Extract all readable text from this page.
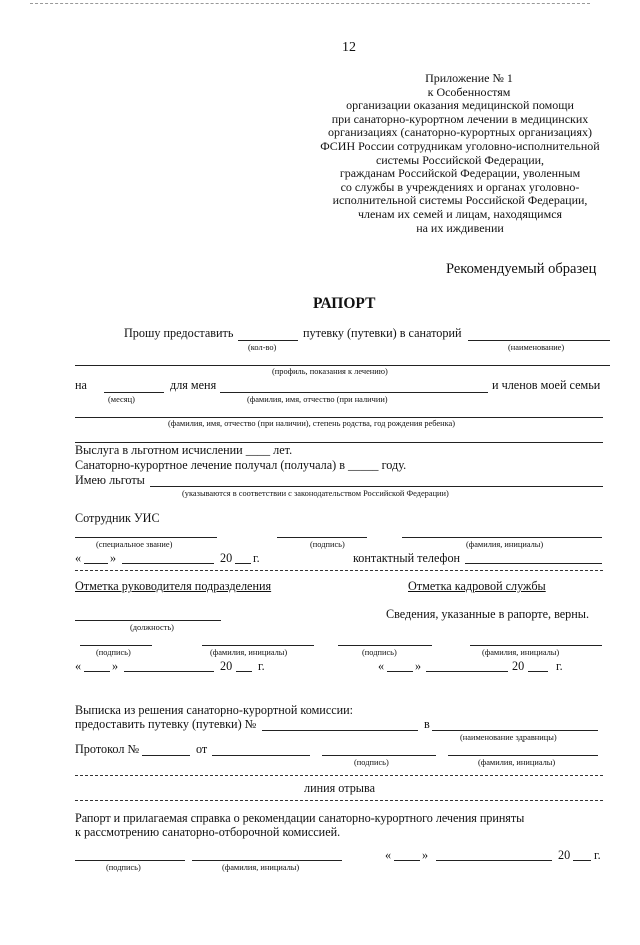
12
Приложение № 1
к Особенностям
организации оказания медицинской помощи
при санаторно-курортном лечении в медицинских
организациях (санаторно-курортных организациях)
ФСИН России сотрудникам уголовно-исполнительной
системы Российской Федерации,
гражданам Российской Федерации, уволенным
со службы в учреждениях и органах уголовно-
исполнительной системы Российской Федерации,
членам их семей и лицам, находящимся
на их иждивении
Рекомендуемый образец
РАПОРТ
Прошу предоставить	путевку (путевки) в санаторий
(кол-во)	(наименование)
(профиль, показания к лечению)
на	для меня	и членов моей семьи
(месяц)	(фамилия, имя, отчество (при наличии)
(фамилия, имя, отчество (при наличии), степень родства, год рождения ребенка)
Выслуга в льготном исчислении ____ лет.
Санаторно-курортное лечение получал (получала) в _____ году.
Имею льготы
(указываются в соответствии с законодательством Российской Федерации)
Сотрудник УИС
(специальное звание)	(подпись)	(фамилия, инициалы)
« »	20 г.	контактный телефон
Отметка руководителя подразделения	Отметка кадровой службы
Сведения, указанные в рапорте, верны.
(должность)
(подпись)	(фамилия, инициалы)	(подпись)	(фамилия, инициалы)
«	»	20 г.	«	»	20	г.
Выписка из решения санаторно-курортной комиссии:
предоставить путевку (путевки) №	в
(наименование здравницы)
Протокол №	от
(подпись)	(фамилия, инициалы)
линия отрыва
Рапорт и прилагаемая справка о рекомендации санаторно-курортного лечения приняты
к рассмотрению санаторно-отборочной комиссией.
(подпись)	(фамилия, инициалы)
«	»	20 г.
